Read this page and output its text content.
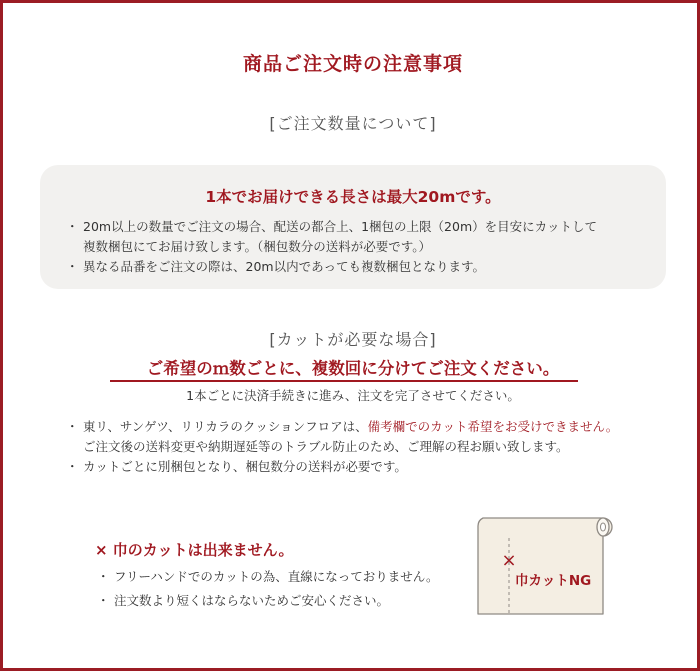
商品ご注文時の注意事項
[ご注文数量について]
1本でお届けできる長さは最大20mです。
・ 20m以上の数量でご注文の場合、配送の都合上、1梱包の上限（20m）を目安にカットして
複数梱包にてお届け致します。（梱包数分の送料が必要です。）
・ 異なる品番をご注文の際は、20m以内であっても複数梱包となります。
[カットが必要な場合]
ご希望のｍ数ごとに、複数回に分けてご注文ください。
1本ごとに決済手続きに進み、注文を完了させてください。
・ 東リ、サンゲツ、リリカラのクッションフロアは、備考欄でのカット希望をお受けできません。
ご注文後の送料変更や納期遅延等のトラブル防止のため、ご理解の程お願い致します。
・ カットごとに別梱包となり、梱包数分の送料が必要です。
× 巾のカットは出来ません。
・ フリーハンドでのカットの為、直線になっておりません。
・ 注文数より短くはならないためご安心ください。
×
巾カットNG
